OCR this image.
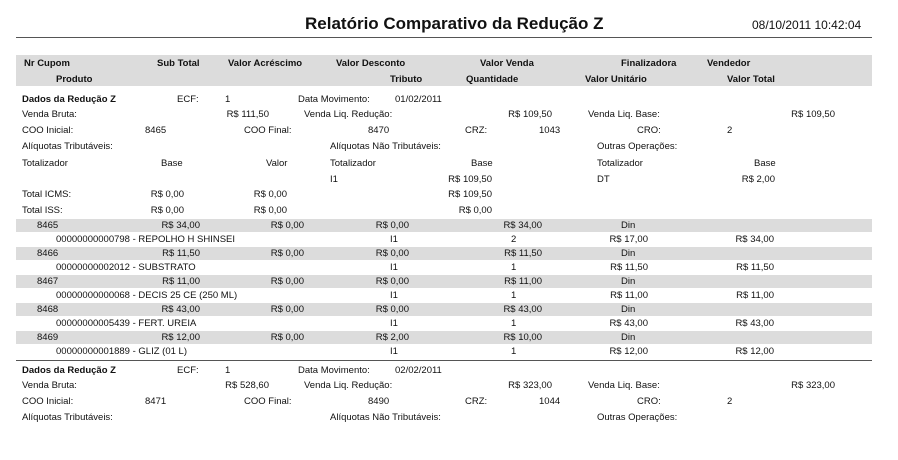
Relatório Comparativo da Redução Z	08/10/2011 10:42:04
Nr Cupom	Sub Total	Valor Acréscimo	Valor Desconto	Valor Venda	Finalizadora	Vendedor
Produto	Tributo	Quantidade	Valor Unitário	Valor Total
Dados da Redução Z	ECF:	1	Data Movimento:	01/02/2011
Venda Bruta:	R$ 111,50	Venda Liq. Redução:	R$ 109,50	Venda Liq. Base:	R$ 109,50
COO Inicial:	8465	COO Final:	8470	CRZ:	1043	CRO:	2
Alíquotas Tributáveis:	Alíquotas Não Tributáveis:	Outras Operações:
Totalizador	Base	Valor	Totalizador	Base	Totalizador	Base
I1	R$ 109,50	DT	R$ 2,00
Total ICMS:	R$ 0,00	R$ 0,00	R$ 109,50
Total ISS:	R$ 0,00	R$ 0,00	R$ 0,00
8465	R$ 34,00	R$ 0,00	R$ 0,00	R$ 34,00	Din
00000000000798 - REPOLHO H SHINSEI	I1	2	R$ 17,00	R$ 34,00
8466	R$ 11,50	R$ 0,00	R$ 0,00	R$ 11,50	Din
00000000002012 - SUBSTRATO	I1	1	R$ 11,50	R$ 11,50
8467	R$ 11,00	R$ 0,00	R$ 0,00	R$ 11,00	Din
00000000000068 - DECIS 25 CE (250 ML)	I1	1	R$ 11,00	R$ 11,00
8468	R$ 43,00	R$ 0,00	R$ 0,00	R$ 43,00	Din
00000000005439 - FERT. UREIA	I1	1	R$ 43,00	R$ 43,00
8469	R$ 12,00	R$ 0,00	R$ 2,00	R$ 10,00	Din
00000000001889 - GLIZ (01 L)	I1	1	R$ 12,00	R$ 12,00
Dados da Redução Z	ECF:	1	Data Movimento:	02/02/2011
Venda Bruta:	R$ 528,60	Venda Liq. Redução:	R$ 323,00	Venda Liq. Base:	R$ 323,00
COO Inicial:	8471	COO Final:	8490	CRZ:	1044	CRO:	2
Alíquotas Tributáveis:	Alíquotas Não Tributáveis:	Outras Operações:
